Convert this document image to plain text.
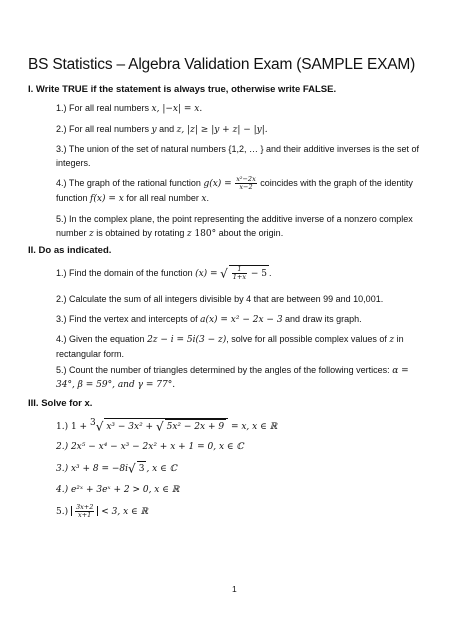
BS Statistics – Algebra Validation Exam (SAMPLE EXAM)
I. Write TRUE if the statement is always true, otherwise write FALSE.
1.) For all real numbers x, |−x| = x.
2.) For all real numbers y and z, |z| ≥ |y + z| − |y|.
3.) The union of the set of natural numbers {1,2, … } and their additive inverses is the set of
integers.
4.) The graph of the rational function $g(x) = \frac{\text{x²−2x}}{x-2}$ coincides with the graph of the identity
function f(x) = x for all real number x.
5.) In the complex plane, the point representing the additive inverse of a nonzero complex
number z is obtained by rotating z 180° about the origin.
II. Do as indicated.
1.) Find the domain of the function (x) = √ $\frac{1}{1+x} - 5$ .
2.) Calculate the sum of all integers divisible by 4 that are between 99 and 10,001.
3.) Find the vertex and intercepts of a(x) = x² − 2x − 3 and draw its graph.
4.) Given the equation 2z − i = 5i(3 − z), solve for all possible complex values of z in
rectangular form.
5.) Count the number of triangles determined by the angles of the following vertices: α =
34°, β = 59°, and γ = 77°.
III. Solve for x.
1.) 1 + $^3$√ x³ − 3x² + √ 5x² − 2x + 9 = x, x ∈ ℝ
2.) 2x⁵ − x⁴ − x³ − 2x² + x + 1 = 0, x ∈ ℂ
3.) x³ + 8 = −8i√ 3 , x ∈ ℂ
4.) e²ˣ + 3eˣ + 2 > 0, x ∈ ℝ
$5.) \frac{3x+2}{x+1} < 3$, x ∈ ℝ
1
